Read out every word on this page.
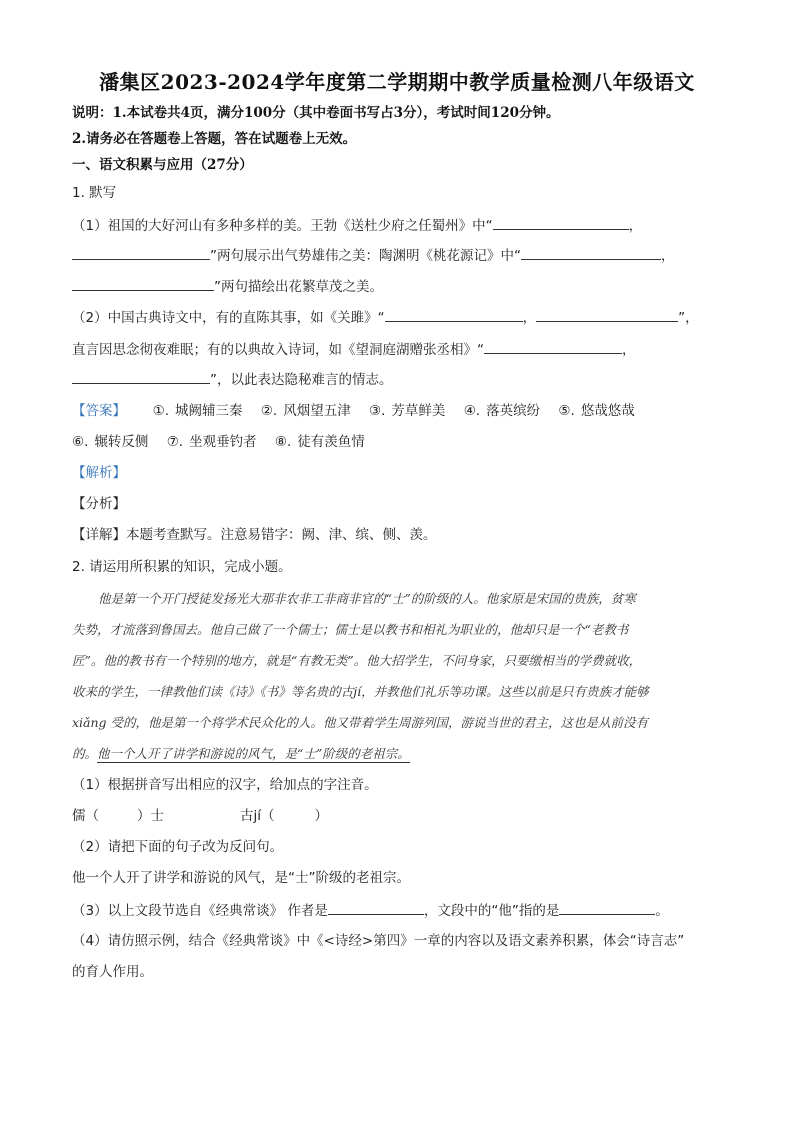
潘集区2023-2024学年度第二学期期中教学质量检测八年级语文
说明：1.本试卷共4页，满分100分（其中卷面书写占3分），考试时间120分钟。
2.请务必在答题卷上答题，答在试题卷上无效。
一、语文积累与应用（27分）
1. 默写
（1）祖国的大好河山有多种多样的美。王勃《送杜少府之任蜀州》中“	，
”两句展示出气势雄伟之美：陶渊明《桃花源记》中“	，
”两句描绘出花繁草茂之美。
（2）中国古典诗文中，有的直陈其事，如《关雎》“	，	”，
直言因思念彻夜难眠；有的以典故入诗词，如《望洞庭湖赠张丞相》“	，
”，以此表达隐秘难言的情志。
【答案】 ①. 城阙辅三秦 ②. 风烟望五津 ③. 芳草鲜美 ④. 落英缤纷 ⑤. 悠哉悠哉
⑥. 辗转反侧 ⑦. 坐观垂钓者 ⑧. 徒有羡鱼情
【解析】
【分析】
【详解】本题考查默写。注意易错字：阙、津、缤、侧、羡。
2. 请运用所积累的知识，完成小题。
他是第一个开门授徒发扬光大那非农非工非商非官的“士”的阶级的人。他家原是宋国的贵族，贫寒
失势，才流落到鲁国去。他自己做了一个儒士；儒士是以教书和相礼为职业的，他却只是一个“老教书
匠”。他的教书有一个特别的地方，就是“有教无类”。他大招学生，不问身家，只要缴相当的学费就收，
收来的学生，一律教他们读《诗》《书》等名贵的古jí，并教他们礼乐等功课。这些以前是只有贵族才能够
xiǎng 受的，他是第一个将学术民众化的人。他又带着学生周游列国，游说当世的君主，这也是从前没有
的。他一个人开了讲学和游说的风气，是“士”阶级的老祖宗。
（1）根据拼音写出相应的汉字，给加点的字注音。
儒（	）士	古jí（	）
（2）请把下面的句子改为反问句。
他一个人开了讲学和游说的风气，是“士”阶级的老祖宗。
（3）以上文段节选自《经典常谈》 作者是	，文段中的“他”指的是	。
（4）请仿照示例，结合《经典常谈》中《<诗经>第四》一章的内容以及语文素养积累，体会“诗言志”
的育人作用。
